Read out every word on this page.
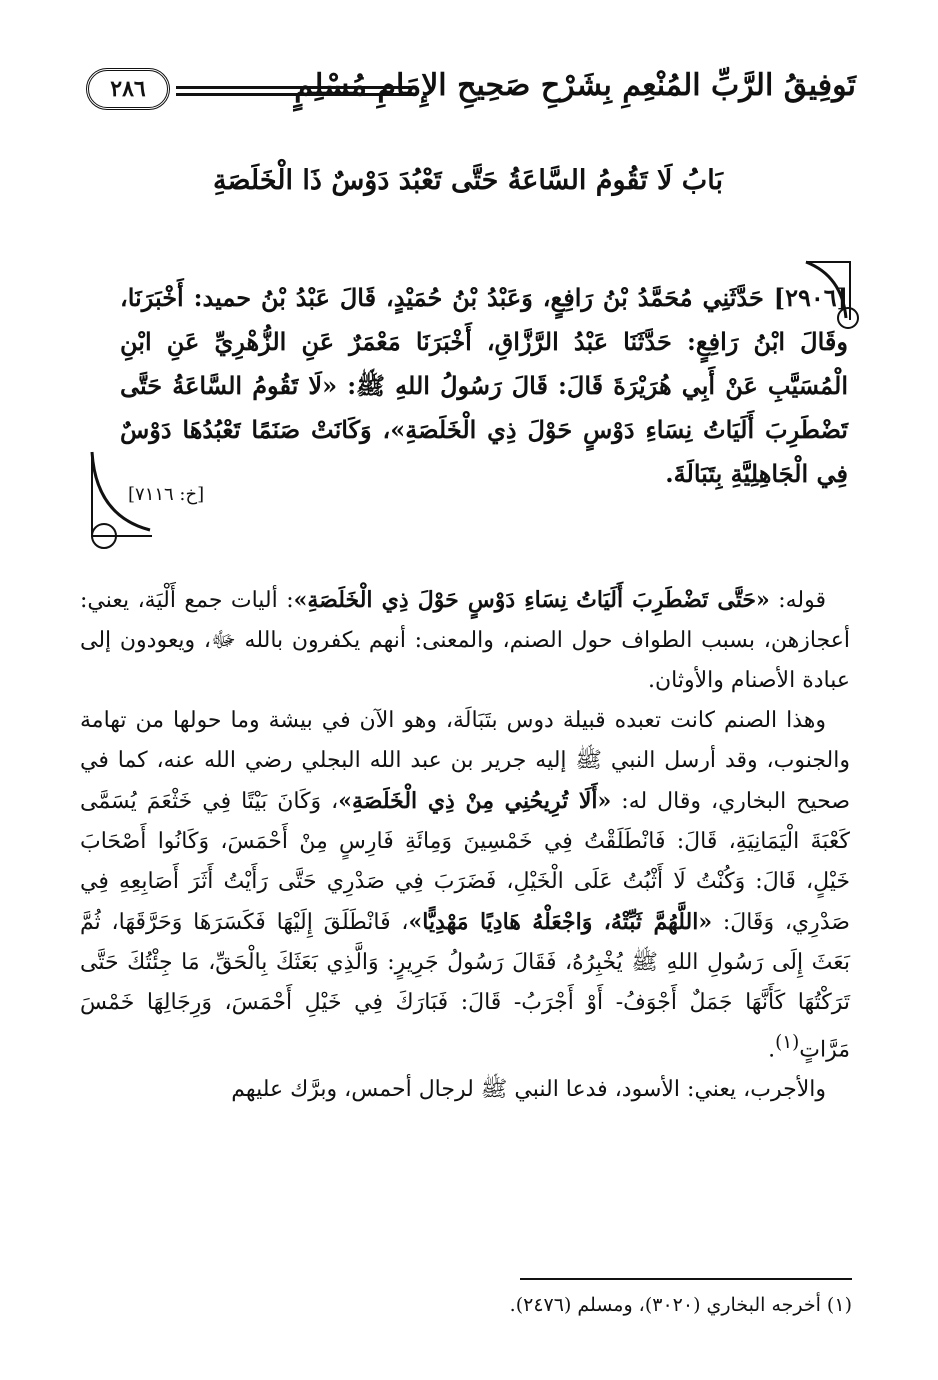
تَوفِيقُ الرَّبِّ المُنْعِمِ بِشَرْحِ صَحِيحِ الإِمَامِ مُسْلِمٍ
٢٨٦
بَابُ لَا تَقُومُ السَّاعَةُ حَتَّى تَعْبُدَ دَوْسٌ ذَا الْخَلَصَةِ
[٢٩٠٦] حَدَّثَنِي مُحَمَّدُ بْنُ رَافِعٍ، وَعَبْدُ بْنُ حُمَيْدٍ، قَالَ عَبْدُ بْنُ حميد: أَخْبَرَنَا، وقَالَ ابْنُ رَافِعٍ: حَدَّثَنَا عَبْدُ الرَّزَّاقِ، أَخْبَرَنَا مَعْمَرٌ عَنِ الزُّهْرِيِّ عَنِ ابْنِ الْمُسَيَّبِ عَنْ أَبِي هُرَيْرَةَ قَالَ: قَالَ رَسُولُ اللهِ ﷺ: «لَا تَقُومُ السَّاعَةُ حَتَّى تَضْطَرِبَ أَلَيَاتُ نِسَاءِ دَوْسٍ حَوْلَ ذِي الْخَلَصَةِ»، وَكَانَتْ صَنَمًا تَعْبُدُهَا دَوْسٌ فِي الْجَاهِلِيَّةِ بِتَبَالَةَ.
[خ: ٧١١٦]

قوله: «حَتَّى تَضْطَرِبَ أَلَيَاتُ نِسَاءِ دَوْسٍ حَوْلَ ذِي الْخَلَصَةِ»: أليات جمع أَلْيَة، يعني: أعجازهن، بسبب الطواف حول الصنم، والمعنى: أنهم يكفرون بالله ﷻ، ويعودون إلى عبادة الأصنام والأوثان.

وهذا الصنم كانت تعبده قبيلة دوس بتَبَالَة، وهو الآن في بيشة وما حولها من تهامة والجنوب، وقد أرسل النبي ﷺ إليه جرير بن عبد الله البجلي رضي الله عنه، كما في صحيح البخاري، وقال له: «أَلَا تُرِيحُنِي مِنْ ذِي الْخَلَصَةِ»، وَكَانَ بَيْتًا فِي خَثْعَمَ يُسَمَّى كَعْبَةَ الْيَمَانِيَةِ، قَالَ: فَانْطَلَقْتُ فِي خَمْسِينَ وَمِائَةِ فَارِسٍ مِنْ أَحْمَسَ، وَكَانُوا أَصْحَابَ خَيْلٍ، قَالَ: وَكُنْتُ لَا أَثْبُتُ عَلَى الْخَيْلِ، فَضَرَبَ فِي صَدْرِي حَتَّى رَأَيْتُ أَثَرَ أَصَابِعِهِ فِي صَدْرِي، وَقَالَ: «اللَّهُمَّ ثَبِّتْهُ، وَاجْعَلْهُ هَادِيًا مَهْدِيًّا»، فَانْطَلَقَ إِلَيْهَا فَكَسَرَهَا وَحَرَّقَهَا، ثُمَّ بَعَثَ إِلَى رَسُولِ اللهِ ﷺ يُخْبِرُهُ، فَقَالَ رَسُولُ جَرِيرٍ: وَالَّذِي بَعَثَكَ بِالْحَقِّ، مَا جِئْتُكَ حَتَّى تَرَكْتُهَا كَأَنَّهَا جَمَلٌ أَجْوَفُ- أَوْ أَجْرَبُ- قَالَ: فَبَارَكَ فِي خَيْلِ أَحْمَسَ، وَرِجَالِهَا خَمْسَ مَرَّاتٍ$^{(١)}$.

والأجرب، يعني: الأسود، فدعا النبي ﷺ لرجال أحمس، وبرَّك عليهم

(١) أخرجه البخاري (٣٠٢٠)، ومسلم (٢٤٧٦).
